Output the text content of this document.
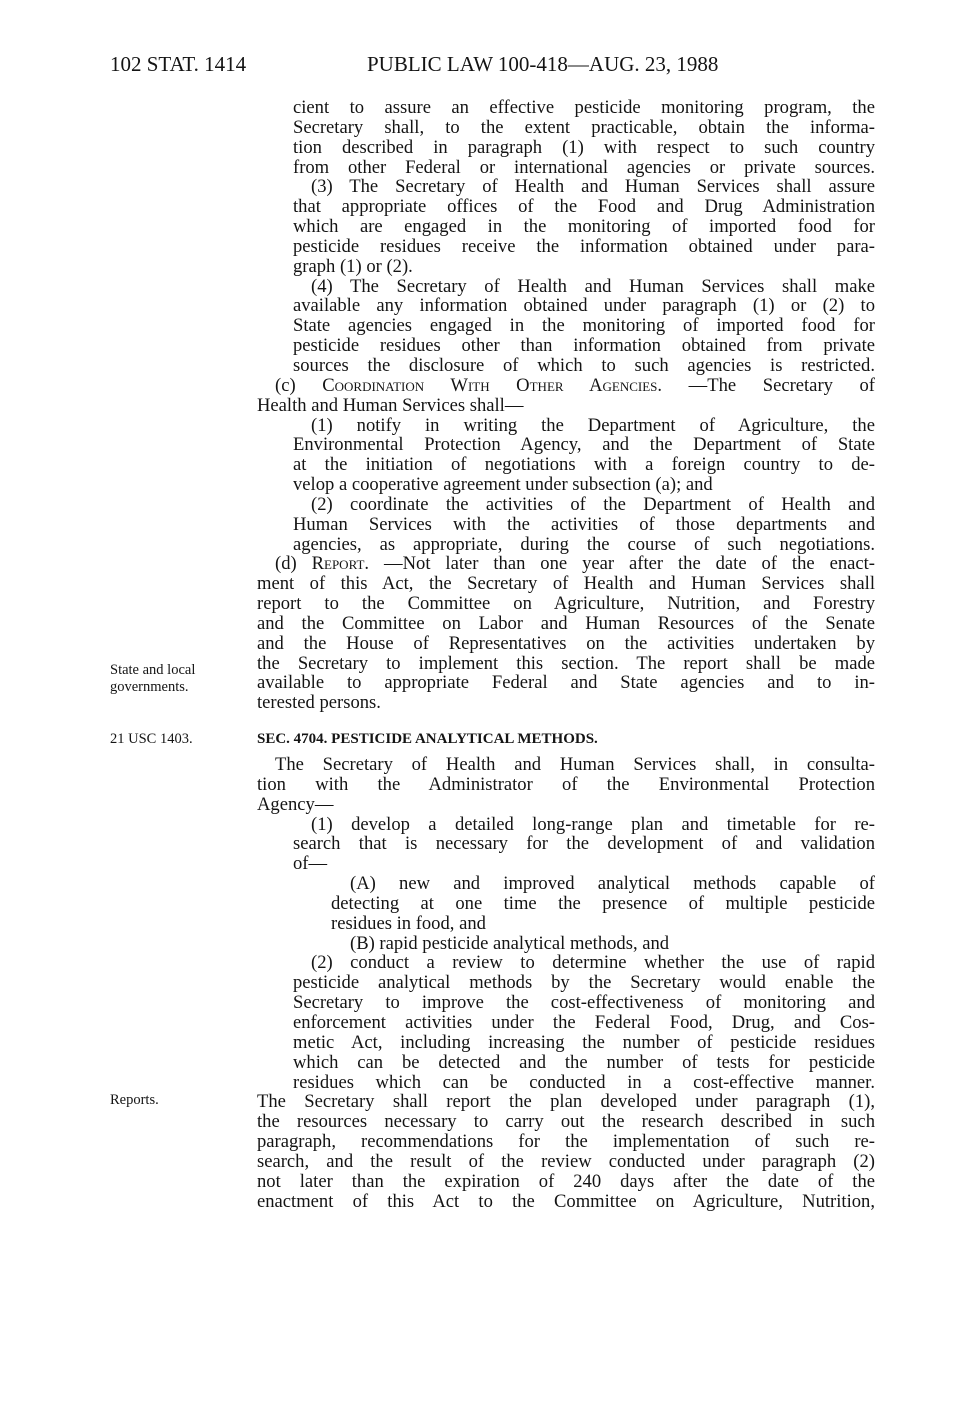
102 STAT. 1414	PUBLIC LAW 100-418—AUG. 23, 1988
cient to assure an effective pesticide monitoring program, the
Secretary shall, to the extent practicable, obtain the informa-
tion described in paragraph (1) with respect to such country
from other Federal or international agencies or private sources.
(3) The Secretary of Health and Human Services shall assure
that appropriate offices of the Food and Drug Administration
which are engaged in the monitoring of imported food for
pesticide residues receive the information obtained under para-
graph (1) or (2).
(4) The Secretary of Health and Human Services shall make
available any information obtained under paragraph (1) or (2) to
State agencies engaged in the monitoring of imported food for
pesticide residues other than information obtained from private
sources the disclosure of which to such agencies is restricted.
(c) Coordination With Other Agencies. —The Secretary of
Health and Human Services shall—
(1) notify in writing the Department of Agriculture, the
Environmental Protection Agency, and the Department of State
at the initiation of negotiations with a foreign country to de-
velop a cooperative agreement under subsection (a); and
(2) coordinate the activities of the Department of Health and
Human Services with the activities of those departments and
agencies, as appropriate, during the course of such negotiations.
(d) Report. —Not later than one year after the date of the enact-
ment of this Act, the Secretary of Health and Human Services shall
report to the Committee on Agriculture, Nutrition, and Forestry
and the Committee on Labor and Human Resources of the Senate
and the House of Representatives on the activities undertaken by
the Secretary to implement this section. The report shall be made
available to appropriate Federal and State agencies and to in-
terested persons.
State and local
governments.
21 USC 1403.	SEC. 4704. PESTICIDE ANALYTICAL METHODS.
Reports.
The Secretary of Health and Human Services shall, in consulta-
tion with the Administrator of the Environmental Protection
Agency—
(1) develop a detailed long-range plan and timetable for re-
search that is necessary for the development of and validation
of—
(A) new and improved analytical methods capable of
detecting at one time the presence of multiple pesticide
residues in food, and
(B) rapid pesticide analytical methods, and
(2) conduct a review to determine whether the use of rapid
pesticide analytical methods by the Secretary would enable the
Secretary to improve the cost-effectiveness of monitoring and
enforcement activities under the Federal Food, Drug, and Cos-
metic Act, including increasing the number of pesticide residues
which can be detected and the number of tests for pesticide
residues which can be conducted in a cost-effective manner.
The Secretary shall report the plan developed under paragraph (1),
the resources necessary to carry out the research described in such
paragraph, recommendations for the implementation of such re-
search, and the result of the review conducted under paragraph (2)
not later than the expiration of 240 days after the date of the
enactment of this Act to the Committee on Agriculture, Nutrition,
